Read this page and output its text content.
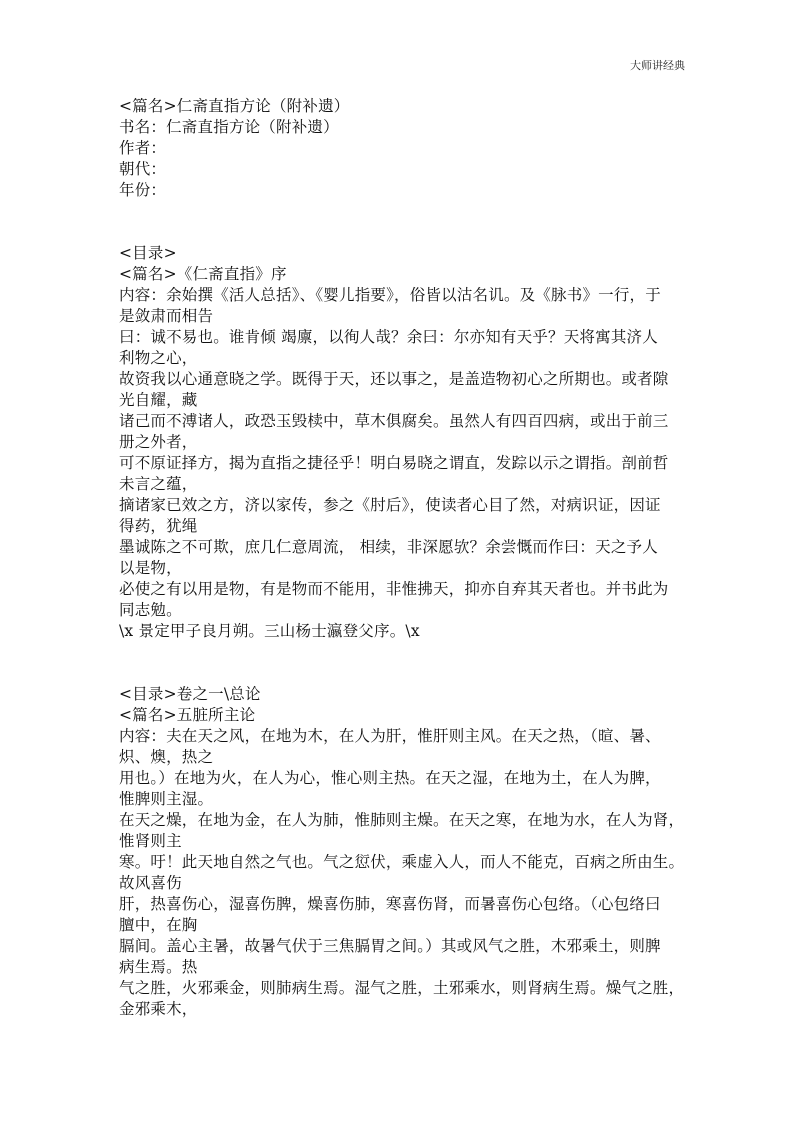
大师讲经典
<篇名>仁斋直指方论（附补遗）
书名：仁斋直指方论（附补遗）
作者：
朝代：
年份：
<目录>
<篇名>《仁斋直指》序
内容：余始撰《活人总括》、《婴儿指要》，俗皆以沽名讥。及《脉书》一行，于
是敛肃而相告
曰：诚不易也。谁肯倾 竭廪，以徇人哉？余曰：尔亦知有天乎？天将寓其济人
利物之心，
故资我以心通意晓之学。既得于天，还以事之，是盖造物初心之所期也。或者隙
光自耀，藏
诸己而不溥诸人，政恐玉毁椟中，草木俱腐矣。虽然人有四百四病，或出于前三
册之外者，
可不原证择方，揭为直指之捷径乎！明白易晓之谓直，发踪以示之谓指。剖前哲
未言之蕴，
摘诸家已效之方，济以家传，参之《肘后》，使读者心目了然，对病识证，因证
得药，犹绳
墨诚陈之不可欺，庶几仁意周流， 相续，非深愿欤？余尝慨而作曰：天之予人
以是物，
必使之有以用是物，有是物而不能用，非惟拂天，抑亦自弃其天者也。并书此为
同志勉。
\x 景定甲子良月朔。三山杨士瀛登父序。\x
<目录>卷之一\总论
<篇名>五脏所主论
内容：夫在天之风，在地为木，在人为肝，惟肝则主风。在天之热，（暄、暑、
炽、燠，热之
用也。）在地为火，在人为心，惟心则主热。在天之湿，在地为土，在人为脾，
惟脾则主湿。
在天之燥，在地为金，在人为肺，惟肺则主燥。在天之寒，在地为水，在人为肾，
惟肾则主
寒。吁！此天地自然之气也。气之愆伏，乘虚入人，而人不能克，百病之所由生。
故风喜伤
肝，热喜伤心，湿喜伤脾，燥喜伤肺，寒喜伤肾，而暑喜伤心包络。（心包络曰
膻中，在胸
膈间。盖心主暑，故暑气伏于三焦膈胃之间。）其或风气之胜，木邪乘土，则脾
病生焉。热
气之胜，火邪乘金，则肺病生焉。湿气之胜，土邪乘水，则肾病生焉。燥气之胜，
金邪乘木，
